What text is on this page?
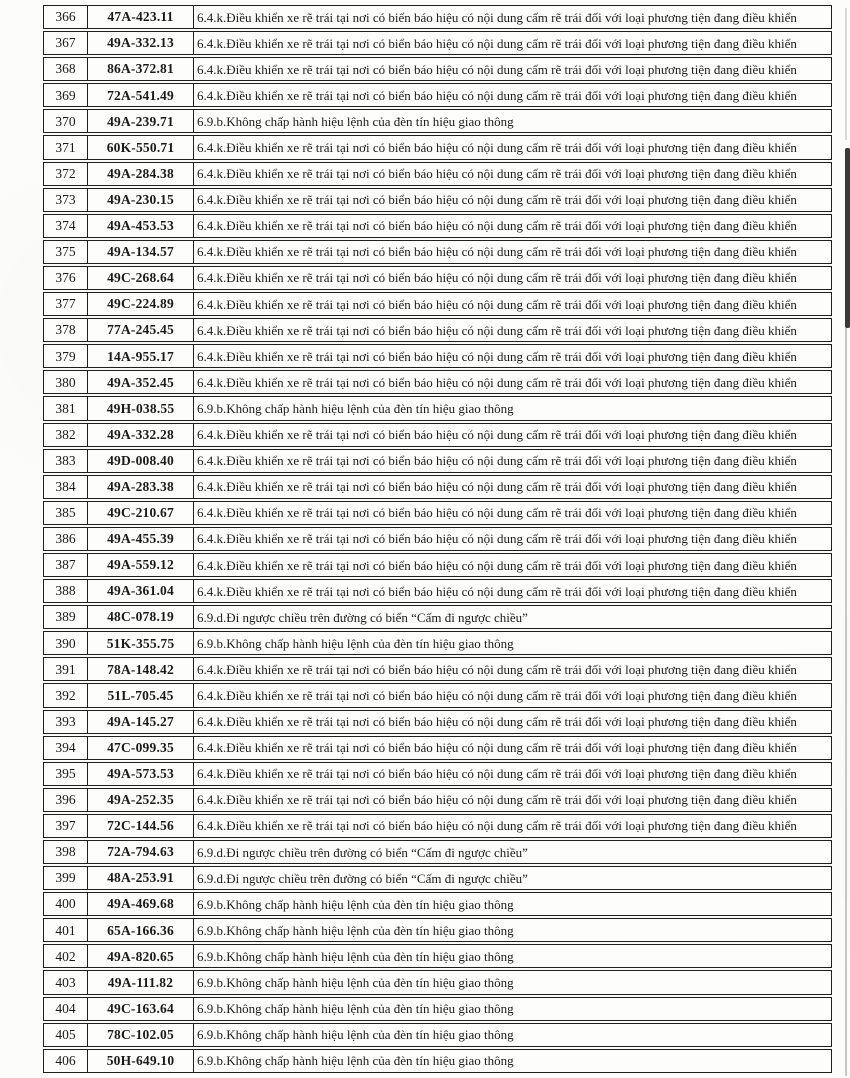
366	47A-423.11	6.4.k.Điều khiển xe rẽ trái tại nơi có biển báo hiệu có nội dung cấm rẽ trái đối với loại phương tiện đang điều khiển
367	49A-332.13	6.4.k.Điều khiển xe rẽ trái tại nơi có biển báo hiệu có nội dung cấm rẽ trái đối với loại phương tiện đang điều khiển
368	86A-372.81	6.4.k.Điều khiển xe rẽ trái tại nơi có biển báo hiệu có nội dung cấm rẽ trái đối với loại phương tiện đang điều khiển
369	72A-541.49	6.4.k.Điều khiển xe rẽ trái tại nơi có biển báo hiệu có nội dung cấm rẽ trái đối với loại phương tiện đang điều khiển
370	49A-239.71	6.9.b.Không chấp hành hiệu lệnh của đèn tín hiệu giao thông
371	60K-550.71	6.4.k.Điều khiển xe rẽ trái tại nơi có biển báo hiệu có nội dung cấm rẽ trái đối với loại phương tiện đang điều khiển
372	49A-284.38	6.4.k.Điều khiển xe rẽ trái tại nơi có biển báo hiệu có nội dung cấm rẽ trái đối với loại phương tiện đang điều khiển
373	49A-230.15	6.4.k.Điều khiển xe rẽ trái tại nơi có biển báo hiệu có nội dung cấm rẽ trái đối với loại phương tiện đang điều khiển
374	49A-453.53	6.4.k.Điều khiển xe rẽ trái tại nơi có biển báo hiệu có nội dung cấm rẽ trái đối với loại phương tiện đang điều khiển
375	49A-134.57	6.4.k.Điều khiển xe rẽ trái tại nơi có biển báo hiệu có nội dung cấm rẽ trái đối với loại phương tiện đang điều khiển
376	49C-268.64	6.4.k.Điều khiển xe rẽ trái tại nơi có biển báo hiệu có nội dung cấm rẽ trái đối với loại phương tiện đang điều khiển
377	49C-224.89	6.4.k.Điều khiển xe rẽ trái tại nơi có biển báo hiệu có nội dung cấm rẽ trái đối với loại phương tiện đang điều khiển
378	77A-245.45	6.4.k.Điều khiển xe rẽ trái tại nơi có biển báo hiệu có nội dung cấm rẽ trái đối với loại phương tiện đang điều khiển
379	14A-955.17	6.4.k.Điều khiển xe rẽ trái tại nơi có biển báo hiệu có nội dung cấm rẽ trái đối với loại phương tiện đang điều khiển
380	49A-352.45	6.4.k.Điều khiển xe rẽ trái tại nơi có biển báo hiệu có nội dung cấm rẽ trái đối với loại phương tiện đang điều khiển
381	49H-038.55	6.9.b.Không chấp hành hiệu lệnh của đèn tín hiệu giao thông
382	49A-332.28	6.4.k.Điều khiển xe rẽ trái tại nơi có biển báo hiệu có nội dung cấm rẽ trái đối với loại phương tiện đang điều khiển
383	49D-008.40	6.4.k.Điều khiển xe rẽ trái tại nơi có biển báo hiệu có nội dung cấm rẽ trái đối với loại phương tiện đang điều khiển
384	49A-283.38	6.4.k.Điều khiển xe rẽ trái tại nơi có biển báo hiệu có nội dung cấm rẽ trái đối với loại phương tiện đang điều khiển
385	49C-210.67	6.4.k.Điều khiển xe rẽ trái tại nơi có biển báo hiệu có nội dung cấm rẽ trái đối với loại phương tiện đang điều khiển
386	49A-455.39	6.4.k.Điều khiển xe rẽ trái tại nơi có biển báo hiệu có nội dung cấm rẽ trái đối với loại phương tiện đang điều khiển
387	49A-559.12	6.4.k.Điều khiển xe rẽ trái tại nơi có biển báo hiệu có nội dung cấm rẽ trái đối với loại phương tiện đang điều khiển
388	49A-361.04	6.4.k.Điều khiển xe rẽ trái tại nơi có biển báo hiệu có nội dung cấm rẽ trái đối với loại phương tiện đang điều khiển
389	48C-078.19	6.9.d.Đi ngược chiều trên đường có biển “Cấm đi ngược chiều”
390	51K-355.75	6.9.b.Không chấp hành hiệu lệnh của đèn tín hiệu giao thông
391	78A-148.42	6.4.k.Điều khiển xe rẽ trái tại nơi có biển báo hiệu có nội dung cấm rẽ trái đối với loại phương tiện đang điều khiển
392	51L-705.45	6.4.k.Điều khiển xe rẽ trái tại nơi có biển báo hiệu có nội dung cấm rẽ trái đối với loại phương tiện đang điều khiển
393	49A-145.27	6.4.k.Điều khiển xe rẽ trái tại nơi có biển báo hiệu có nội dung cấm rẽ trái đối với loại phương tiện đang điều khiển
394	47C-099.35	6.4.k.Điều khiển xe rẽ trái tại nơi có biển báo hiệu có nội dung cấm rẽ trái đối với loại phương tiện đang điều khiển
395	49A-573.53	6.4.k.Điều khiển xe rẽ trái tại nơi có biển báo hiệu có nội dung cấm rẽ trái đối với loại phương tiện đang điều khiển
396	49A-252.35	6.4.k.Điều khiển xe rẽ trái tại nơi có biển báo hiệu có nội dung cấm rẽ trái đối với loại phương tiện đang điều khiển
397	72C-144.56	6.4.k.Điều khiển xe rẽ trái tại nơi có biển báo hiệu có nội dung cấm rẽ trái đối với loại phương tiện đang điều khiển
398	72A-794.63	6.9.d.Đi ngược chiều trên đường có biển “Cấm đi ngược chiều”
399	48A-253.91	6.9.d.Đi ngược chiều trên đường có biển “Cấm đi ngược chiều”
400	49A-469.68	6.9.b.Không chấp hành hiệu lệnh của đèn tín hiệu giao thông
401	65A-166.36	6.9.b.Không chấp hành hiệu lệnh của đèn tín hiệu giao thông
402	49A-820.65	6.9.b.Không chấp hành hiệu lệnh của đèn tín hiệu giao thông
403	49A-111.82	6.9.b.Không chấp hành hiệu lệnh của đèn tín hiệu giao thông
404	49C-163.64	6.9.b.Không chấp hành hiệu lệnh của đèn tín hiệu giao thông
405	78C-102.05	6.9.b.Không chấp hành hiệu lệnh của đèn tín hiệu giao thông
406	50H-649.10	6.9.b.Không chấp hành hiệu lệnh của đèn tín hiệu giao thông
